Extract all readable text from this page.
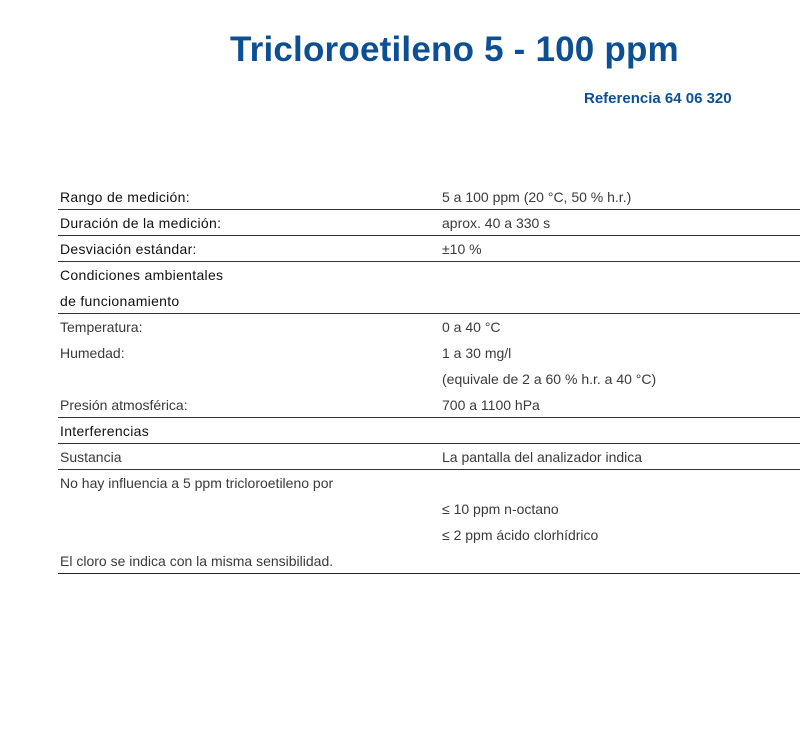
Tricloroetileno 5 - 100 ppm
Referencia 64 06 320
Rango de medición:	5 a 100 ppm (20 °C, 50 % h.r.)
Duración de la medición:	aprox. 40 a 330 s
Desviación estándar:	±10 %
Condiciones ambientales
de funcionamiento
Temperatura:	0 a 40 °C
Humedad:	1 a 30 mg/l
(equivale de 2 a 60 % h.r. a 40 °C)
Presión atmosférica:	700 a 1100 hPa
Interferencias
Sustancia	La pantalla del analizador indica
No hay influencia a 5 ppm tricloroetileno por
≤ 10 ppm n-octano
≤ 2 ppm ácido clorhídrico
El cloro se indica con la misma sensibilidad.
